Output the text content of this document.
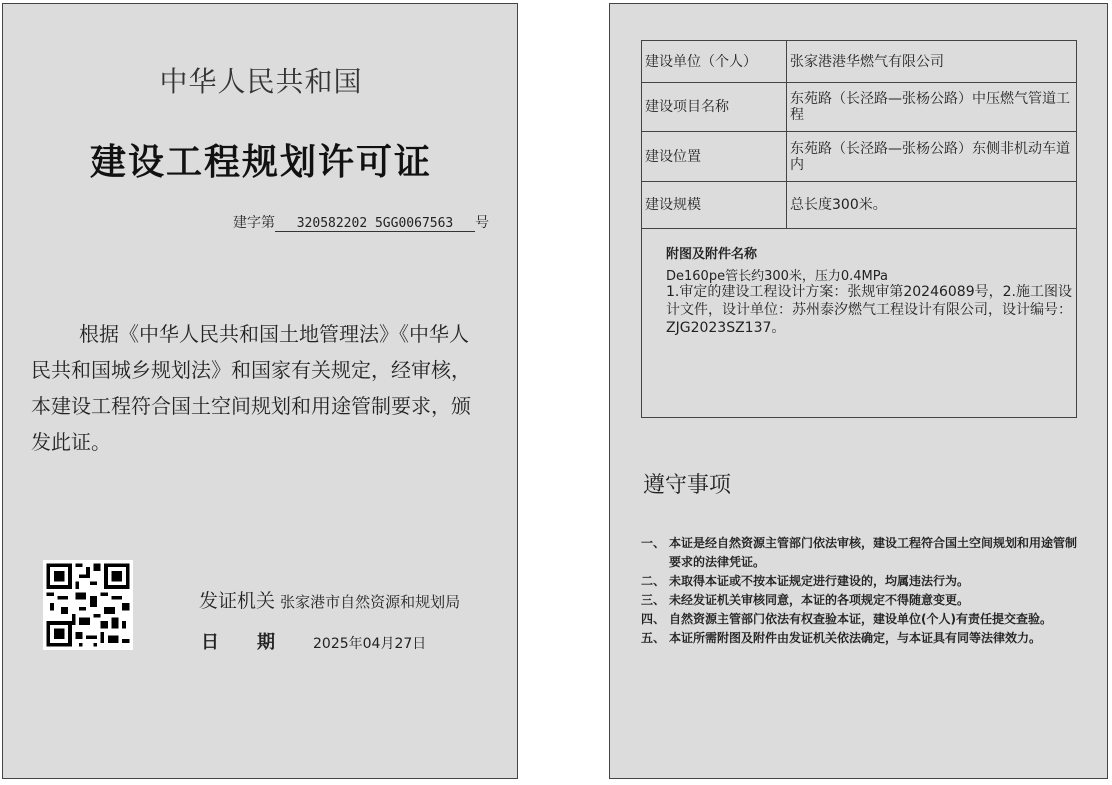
中华人民共和国
建设工程规划许可证
建字第 320582202 5GG0067563 号
根据《中华人民共和国土地管理法》《中华人民共和国城乡规划法》和国家有关规定，经审核，本建设工程符合国土空间规划和用途管制要求，颁发此证。
发证机关 张家港市自然资源和规划局
日期2025年04月27日
建设单位（个人）	张家港港华燃气有限公司
建设项目名称	东苑路（长泾路—张杨公路）中压燃气管道工程
建设位置	东苑路（长泾路—张杨公路）东侧非机动车道内
建设规模	总长度300米。
附图及附件名称
De160pe管长约300米，压力0.4MPa
1.审定的建设工程设计方案：张规审第20246089号，2.施工图设计文件，设计单位：苏州泰汐燃气工程设计有限公司，设计编号：ZJG2023SZ137。
遵守事项
一、 本证是经自然资源主管部门依法审核，建设工程符合国土空间规划和用途管制要求的法律凭证。
二、 未取得本证或不按本证规定进行建设的，均属违法行为。
三、 未经发证机关审核同意，本证的各项规定不得随意变更。
四、 自然资源主管部门依法有权查验本证，建设单位(个人)有责任提交查验。
五、 本证所需附图及附件由发证机关依法确定，与本证具有同等法律效力。
